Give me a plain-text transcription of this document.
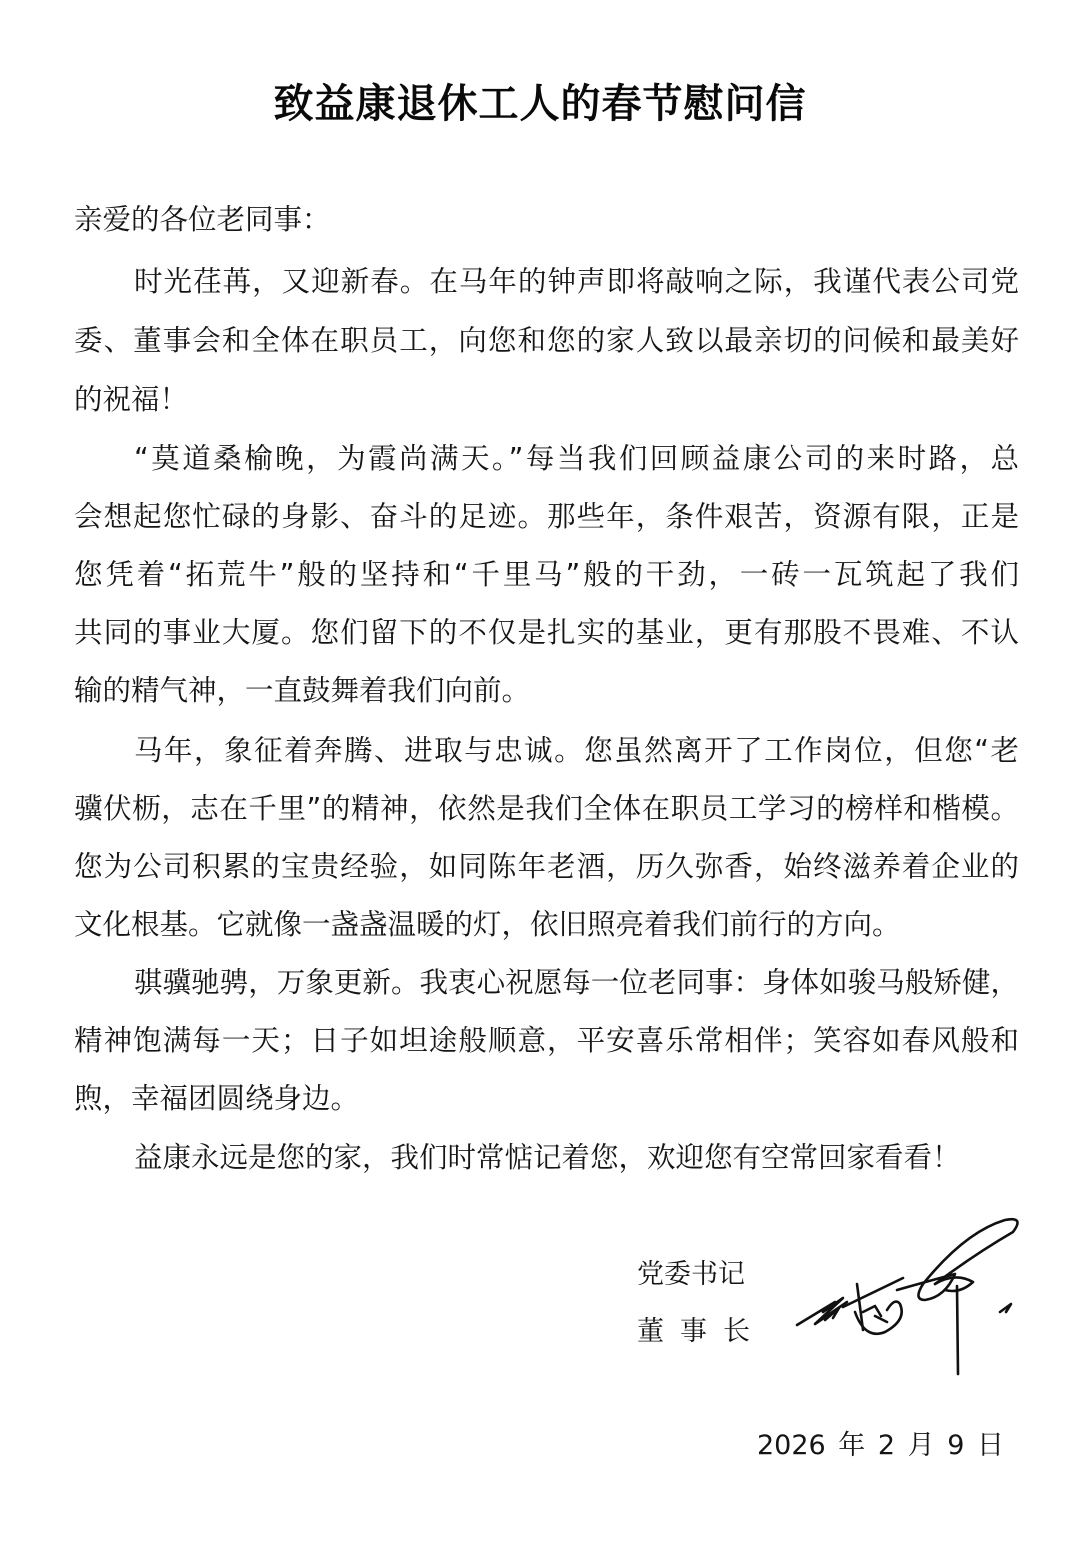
致益康退休工人的春节慰问信
亲爱的各位老同事：
时光荏苒，又迎新春。在马年的钟声即将敲响之际，我谨代表公司党
委、董事会和全体在职员工，向您和您的家人致以最亲切的问候和最美好
的祝福！
“莫道桑榆晚，为霞尚满天。”每当我们回顾益康公司的来时路，总
会想起您忙碌的身影、奋斗的足迹。那些年，条件艰苦，资源有限，正是
您凭着“拓荒牛”般的坚持和“千里马”般的干劲，一砖一瓦筑起了我们
共同的事业大厦。您们留下的不仅是扎实的基业，更有那股不畏难、不认
输的精气神，一直鼓舞着我们向前。
马年，象征着奔腾、进取与忠诚。您虽然离开了工作岗位，但您“老
骥伏枥，志在千里”的精神，依然是我们全体在职员工学习的榜样和楷模。
您为公司积累的宝贵经验，如同陈年老酒，历久弥香，始终滋养着企业的
文化根基。它就像一盏盏温暖的灯，依旧照亮着我们前行的方向。
骐骥驰骋，万象更新。我衷心祝愿每一位老同事：身体如骏马般矫健，
精神饱满每一天；日子如坦途般顺意，平安喜乐常相伴；笑容如春风般和
煦，幸福团圆绕身边。
益康永远是您的家，我们时常惦记着您，欢迎您有空常回家看看！
党委书记
董事长
2026 年 2 月 9 日
